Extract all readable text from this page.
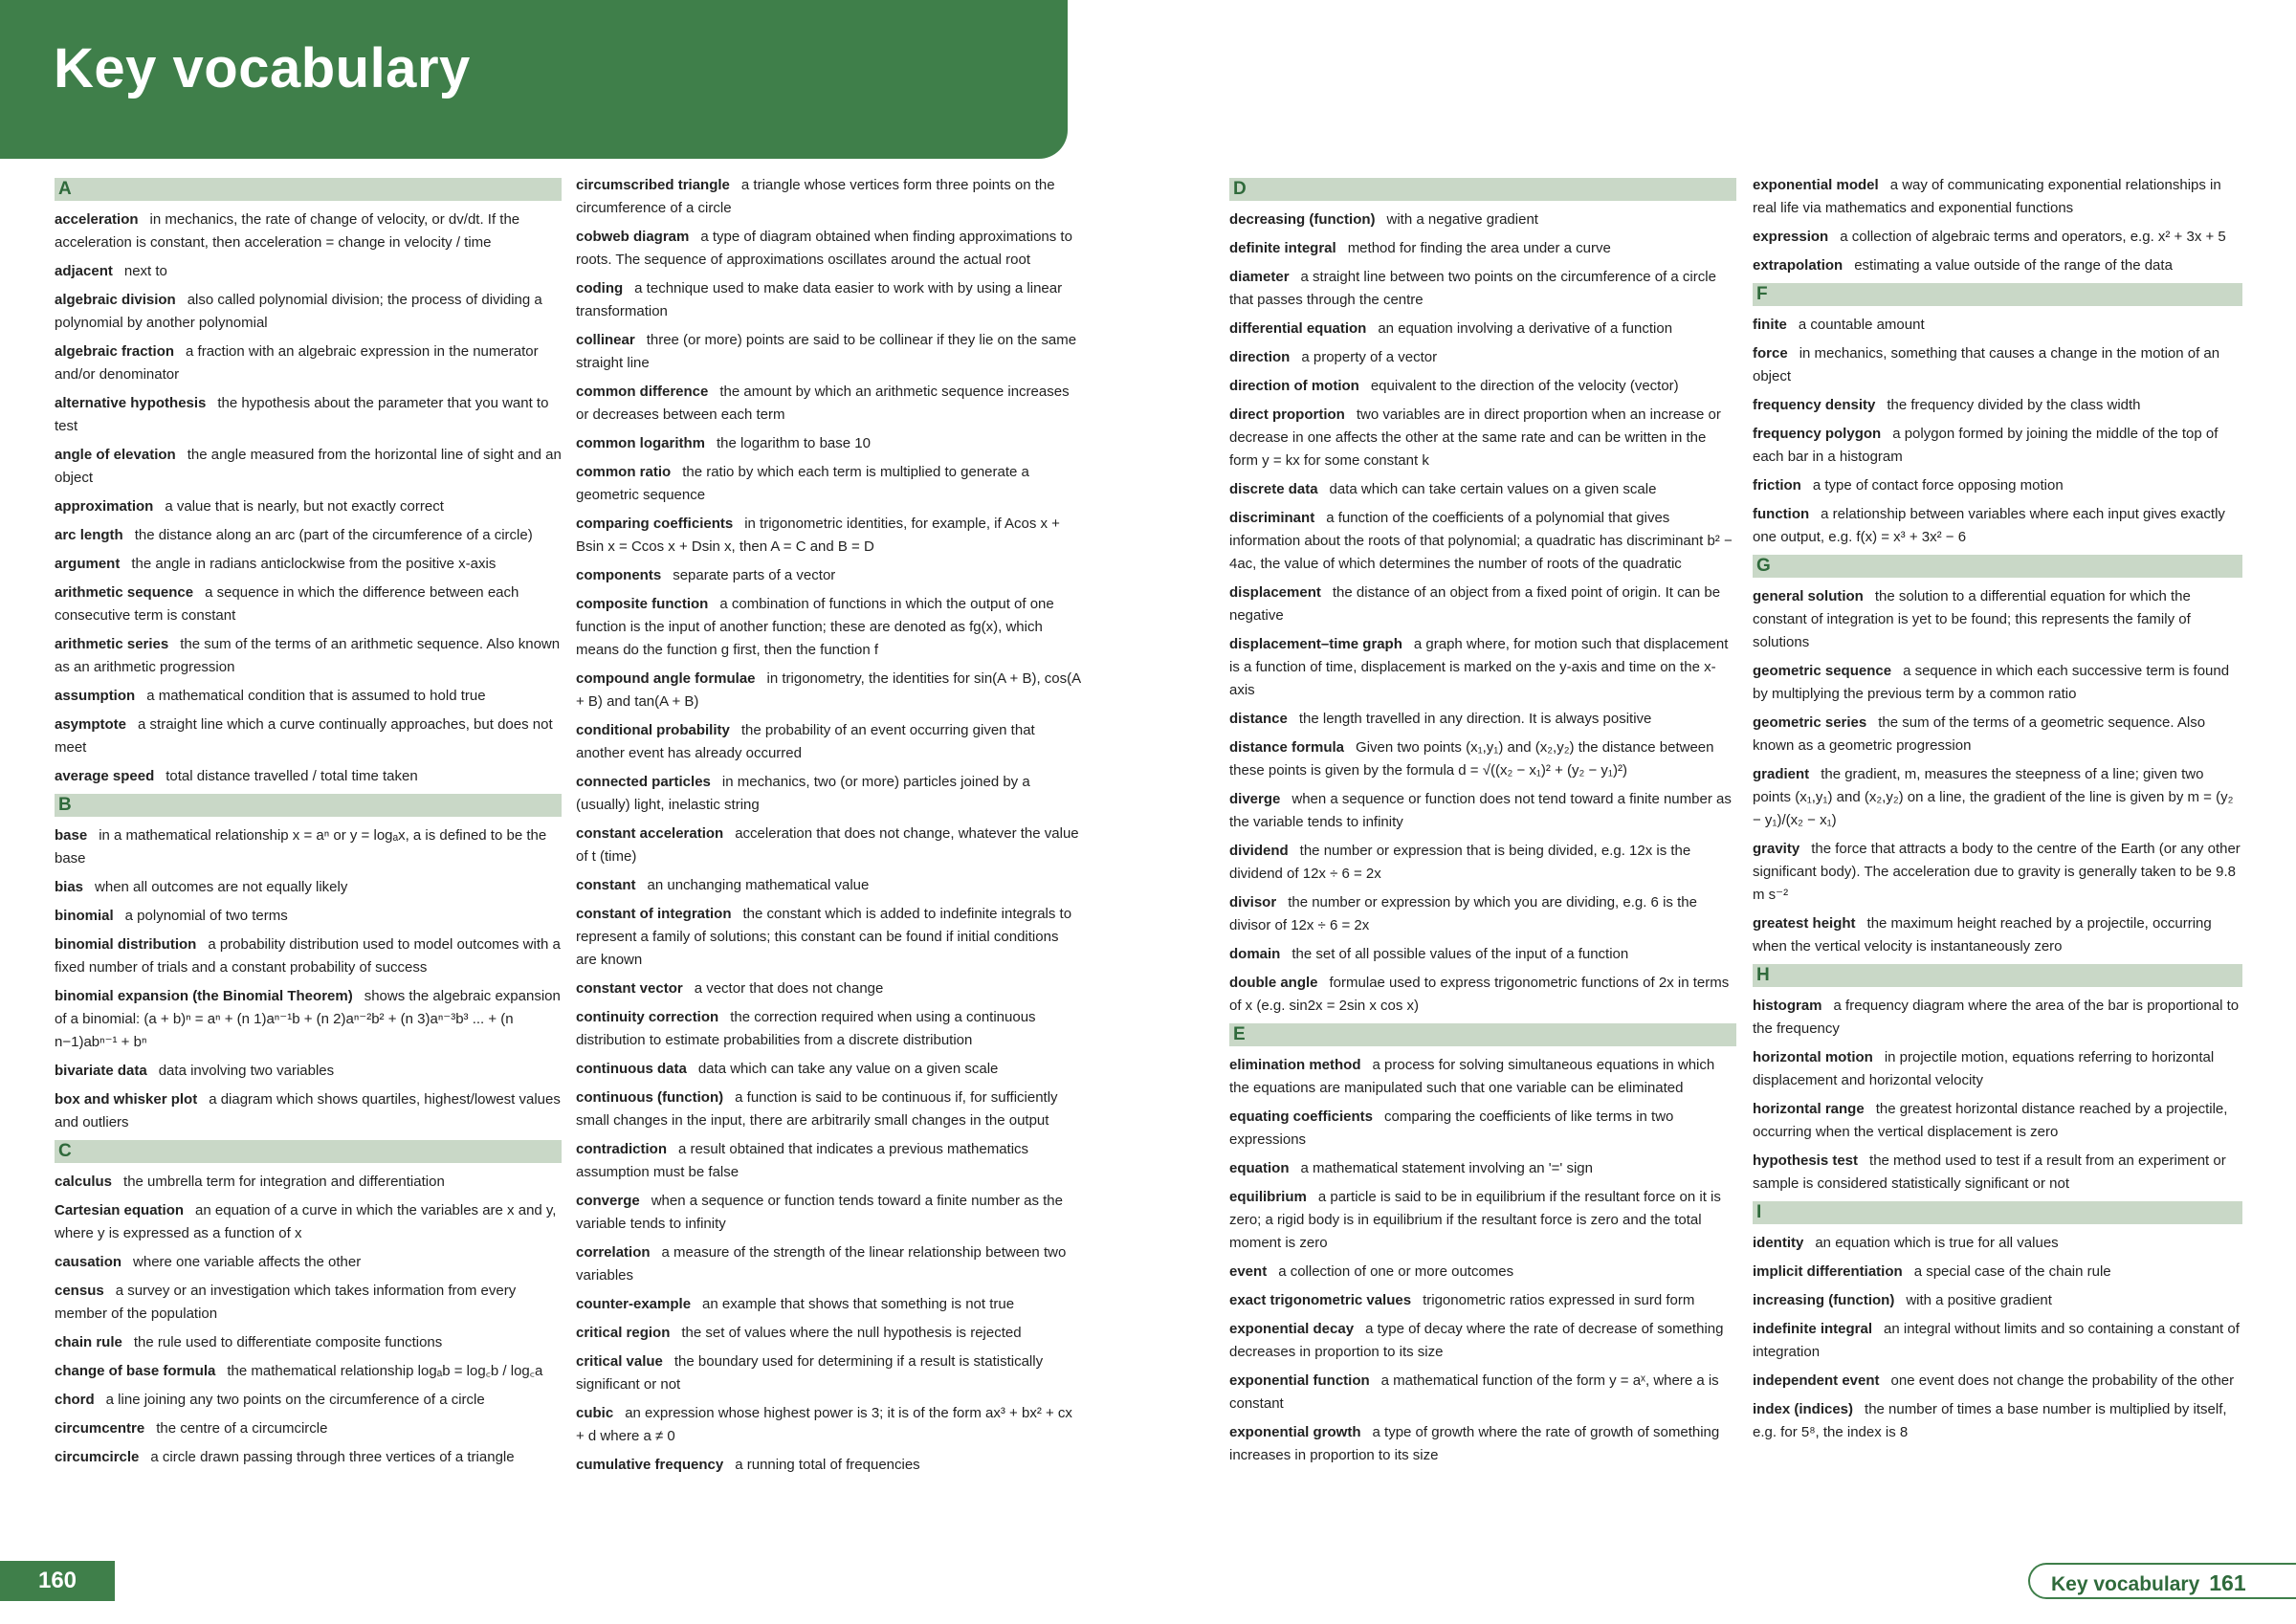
Key vocabulary
A
acceleration in mechanics, the rate of change of velocity, or dv/dt. If the acceleration is constant, then acceleration = change in velocity / time
adjacent next to
algebraic division also called polynomial division; the process of dividing a polynomial by another polynomial
algebraic fraction a fraction with an algebraic expression in the numerator and/or denominator
alternative hypothesis the hypothesis about the parameter that you want to test
angle of elevation the angle measured from the horizontal line of sight and an object
approximation a value that is nearly, but not exactly correct
arc length the distance along an arc (part of the circumference of a circle)
argument the angle in radians anticlockwise from the positive x-axis
arithmetic sequence a sequence in which the difference between each consecutive term is constant
arithmetic series the sum of the terms of an arithmetic sequence. Also known as an arithmetic progression
assumption a mathematical condition that is assumed to hold true
asymptote a straight line which a curve continually approaches, but does not meet
average speed total distance travelled / total time taken
B
base in a mathematical relationship x = aⁿ or y = logₐx, a is defined to be the base
bias when all outcomes are not equally likely
binomial a polynomial of two terms
binomial distribution a probability distribution used to model outcomes with a fixed number of trials and a constant probability of success
binomial expansion (the Binomial Theorem) shows the algebraic expansion of a binomial: (a + b)ⁿ = aⁿ + (n 1)aⁿ⁻¹b + (n 2)aⁿ⁻²b² + (n 3)aⁿ⁻³b³ ... + (n n−1)abⁿ⁻¹ + bⁿ
bivariate data data involving two variables
box and whisker plot a diagram which shows quartiles, highest/lowest values and outliers
C
calculus the umbrella term for integration and differentiation
Cartesian equation an equation of a curve in which the variables are x and y, where y is expressed as a function of x
causation where one variable affects the other
census a survey or an investigation which takes information from every member of the population
chain rule the rule used to differentiate composite functions
change of base formula the mathematical relationship logₐb = log꜀b / log꜀a
chord a line joining any two points on the circumference of a circle
circumcentre the centre of a circumcircle
circumcircle a circle drawn passing through three vertices of a triangle
circumscribed triangle a triangle whose vertices form three points on the circumference of a circle
cobweb diagram a type of diagram obtained when finding approximations to roots. The sequence of approximations oscillates around the actual root
coding a technique used to make data easier to work with by using a linear transformation
collinear three (or more) points are said to be collinear if they lie on the same straight line
common difference the amount by which an arithmetic sequence increases or decreases between each term
common logarithm the logarithm to base 10
common ratio the ratio by which each term is multiplied to generate a geometric sequence
comparing coefficients in trigonometric identities, for example, if Acos x + Bsin x = Ccos x + Dsin x, then A = C and B = D
components separate parts of a vector
composite function a combination of functions in which the output of one function is the input of another function; these are denoted as fg(x), which means do the function g first, then the function f
compound angle formulae in trigonometry, the identities for sin(A + B), cos(A + B) and tan(A + B)
conditional probability the probability of an event occurring given that another event has already occurred
connected particles in mechanics, two (or more) particles joined by a (usually) light, inelastic string
constant acceleration acceleration that does not change, whatever the value of t (time)
constant an unchanging mathematical value
constant of integration the constant which is added to indefinite integrals to represent a family of solutions; this constant can be found if initial conditions are known
constant vector a vector that does not change
continuity correction the correction required when using a continuous distribution to estimate probabilities from a discrete distribution
continuous data data which can take any value on a given scale
continuous (function) a function is said to be continuous if, for sufficiently small changes in the input, there are arbitrarily small changes in the output
contradiction a result obtained that indicates a previous mathematics assumption must be false
converge when a sequence or function tends toward a finite number as the variable tends to infinity
correlation a measure of the strength of the linear relationship between two variables
counter-example an example that shows that something is not true
critical region the set of values where the null hypothesis is rejected
critical value the boundary used for determining if a result is statistically significant or not
cubic an expression whose highest power is 3; it is of the form ax³ + bx² + cx + d where a ≠ 0
cumulative frequency a running total of frequencies
D
decreasing (function) with a negative gradient
definite integral method for finding the area under a curve
diameter a straight line between two points on the circumference of a circle that passes through the centre
differential equation an equation involving a derivative of a function
direction a property of a vector
direction of motion equivalent to the direction of the velocity (vector)
direct proportion two variables are in direct proportion when an increase or decrease in one affects the other at the same rate and can be written in the form y = kx for some constant k
discrete data data which can take certain values on a given scale
discriminant a function of the coefficients of a polynomial that gives information about the roots of that polynomial; a quadratic has discriminant b² − 4ac, the value of which determines the number of roots of the quadratic
displacement the distance of an object from a fixed point of origin. It can be negative
displacement–time graph a graph where, for motion such that displacement is a function of time, displacement is marked on the y-axis and time on the x-axis
distance the length travelled in any direction. It is always positive
distance formula Given two points (x₁,y₁) and (x₂,y₂) the distance between these points is given by the formula d = √((x₂ − x₁)² + (y₂ − y₁)²)
diverge when a sequence or function does not tend toward a finite number as the variable tends to infinity
dividend the number or expression that is being divided, e.g. 12x is the dividend of 12x ÷ 6 = 2x
divisor the number or expression by which you are dividing, e.g. 6 is the divisor of 12x ÷ 6 = 2x
domain the set of all possible values of the input of a function
double angle formulae used to express trigonometric functions of 2x in terms of x (e.g. sin2x = 2sin x cos x)
E
elimination method a process for solving simultaneous equations in which the equations are manipulated such that one variable can be eliminated
equating coefficients comparing the coefficients of like terms in two expressions
equation a mathematical statement involving an '=' sign
equilibrium a particle is said to be in equilibrium if the resultant force on it is zero; a rigid body is in equilibrium if the resultant force is zero and the total moment is zero
event a collection of one or more outcomes
exact trigonometric values trigonometric ratios expressed in surd form
exponential decay a type of decay where the rate of decrease of something decreases in proportion to its size
exponential function a mathematical function of the form y = aˣ, where a is constant
exponential growth a type of growth where the rate of growth of something increases in proportion to its size
exponential model a way of communicating exponential relationships in real life via mathematics and exponential functions
expression a collection of algebraic terms and operators, e.g. x² + 3x + 5
extrapolation estimating a value outside of the range of the data
F
finite a countable amount
force in mechanics, something that causes a change in the motion of an object
frequency density the frequency divided by the class width
frequency polygon a polygon formed by joining the middle of the top of each bar in a histogram
friction a type of contact force opposing motion
function a relationship between variables where each input gives exactly one output, e.g. f(x) = x³ + 3x² − 6
G
general solution the solution to a differential equation for which the constant of integration is yet to be found; this represents the family of solutions
geometric sequence a sequence in which each successive term is found by multiplying the previous term by a common ratio
geometric series the sum of the terms of a geometric sequence. Also known as a geometric progression
gradient the gradient, m, measures the steepness of a line; given two points (x₁,y₁) and (x₂,y₂) on a line, the gradient of the line is given by m = (y₂ − y₁)/(x₂ − x₁)
gravity the force that attracts a body to the centre of the Earth (or any other significant body). The acceleration due to gravity is generally taken to be 9.8 m s⁻²
greatest height the maximum height reached by a projectile, occurring when the vertical velocity is instantaneously zero
H
histogram a frequency diagram where the area of the bar is proportional to the frequency
horizontal motion in projectile motion, equations referring to horizontal displacement and horizontal velocity
horizontal range the greatest horizontal distance reached by a projectile, occurring when the vertical displacement is zero
hypothesis test the method used to test if a result from an experiment or sample is considered statistically significant or not
I
identity an equation which is true for all values
implicit differentiation a special case of the chain rule
increasing (function) with a positive gradient
indefinite integral an integral without limits and so containing a constant of integration
independent event one event does not change the probability of the other
index (indices) the number of times a base number is multiplied by itself, e.g. for 5⁸, the index is 8
160	Key vocabulary 161
